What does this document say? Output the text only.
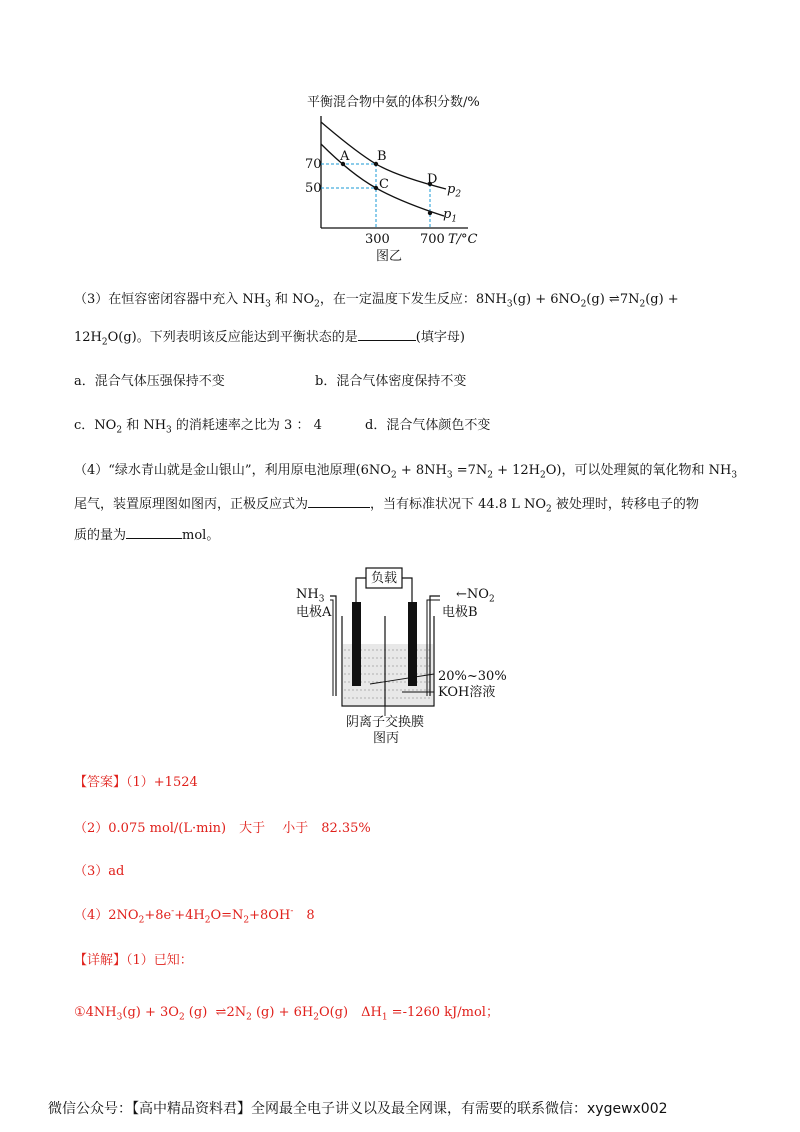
平衡混合物中氨的体积分数/%
70
50
300 700 T/°C
A B
C	D
$p_2$
$p_1$
图乙
（3）在恒容密闭容器中充入 $NH_3$ 和 $NO_2$，在一定温度下发生反应：$8NH_3(g) + 6NO_2(g)$ $\rightleftharpoons 7N_2(g)$ +
$12H_2O(g)$。下列表明该反应能达到平衡状态的是	(填字母)
a．混合气体压强保持不变	b．混合气体密度保持不变
c．$NO_2$ 和 $NH_3$ 的消耗速率之比为 3 ： 4	d．混合气体颜色不变
（4）“绿水青山就是金山银山”，利用原电池原理$(6NO_2 + 8NH_3 =7N_2 + 12H_2O)$，可以处理氮的氧化物和 $NH_3$
尾气，装置原理图如图丙，正极反应式为	，当有标准状况下 44.8 L $NO_2$ 被处理时，转移电子的物
质的量为	mol。
负载
$NH_3$	$\leftarrow NO_2$
电极A	电极B
20%~30%
KOH溶液
阴离子交换膜
图丙
【答案】（1）+1524
（2）0.075 mol/(L·min)　大于　 小于　82.35%
（3）ad
$(4)2NO_2+8e^-+4H_2O=N_2+8OH^-$　8
【详解】（1）已知：
$①4NH_3(g) + 3O_2$ (g) $\rightleftharpoons 2N_2$ $(g) + 6H_2O(g)$　$\Delta H_1 =-1260$ kJ/mol；
微信公众号：【高中精品资料君】全网最全电子讲义以及最全网课，有需要的联系微信：xygewx002
